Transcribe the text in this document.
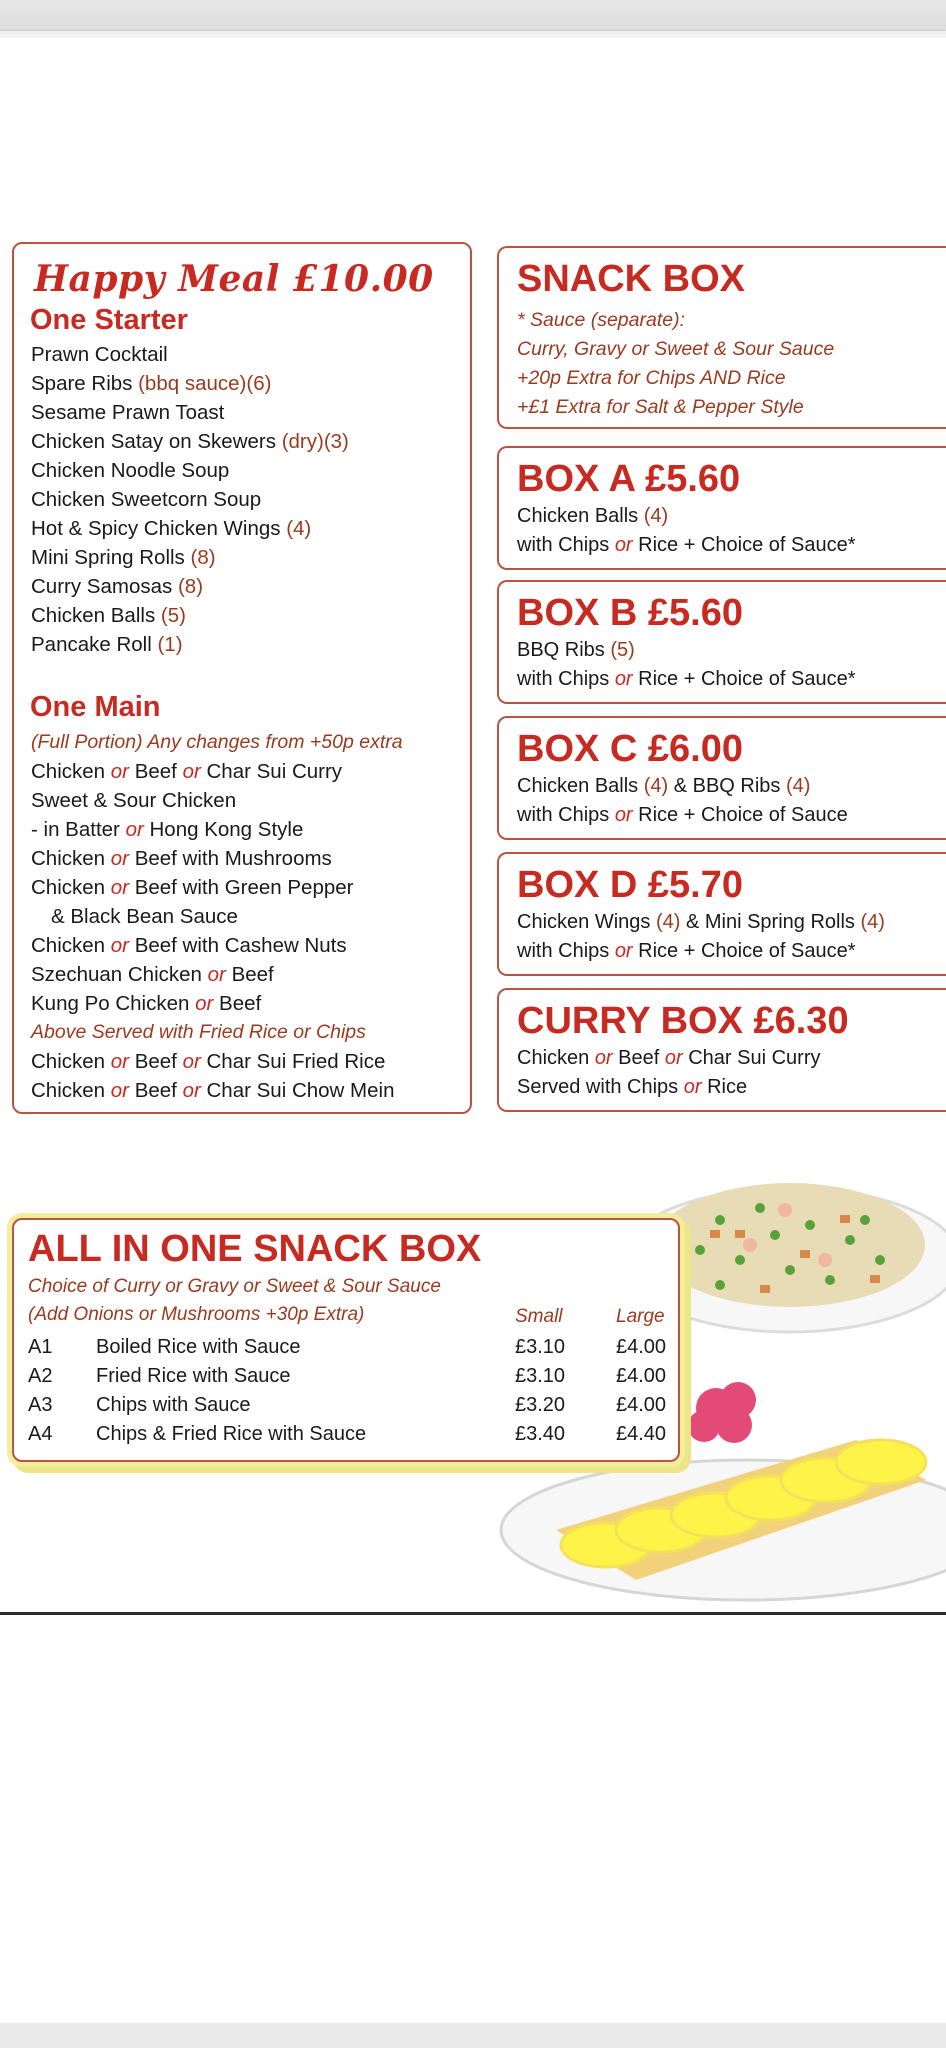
Happy Meal £10.00
One Starter
Prawn Cocktail
Spare Ribs (bbq sauce)(6)
Sesame Prawn Toast
Chicken Satay on Skewers (dry)(3)
Chicken Noodle Soup
Chicken Sweetcorn Soup
Hot & Spicy Chicken Wings (4)
Mini Spring Rolls (8)
Curry Samosas (8)
Chicken Balls (5)
Pancake Roll (1)
One Main
(Full Portion) Any changes from +50p extra
Chicken or Beef or Char Sui Curry
Sweet & Sour Chicken
- in Batter or Hong Kong Style
Chicken or Beef with Mushrooms
Chicken or Beef with Green Pepper
& Black Bean Sauce
Chicken or Beef with Cashew Nuts
Szechuan Chicken or Beef
Kung Po Chicken or Beef
Above Served with Fried Rice or Chips
Chicken or Beef or Char Sui Fried Rice
Chicken or Beef or Char Sui Chow Mein
SNACK BOX
* Sauce (separate):
Curry, Gravy or Sweet & Sour Sauce
+20p Extra for Chips AND Rice
+£1 Extra for Salt & Pepper Style
BOX A £5.60
Chicken Balls (4)
with Chips or Rice + Choice of Sauce*
BOX B £5.60
BBQ Ribs (5)
with Chips or Rice + Choice of Sauce*
BOX C £6.00
Chicken Balls (4) & BBQ Ribs (4)
with Chips or Rice + Choice of Sauce
BOX D £5.70
Chicken Wings (4) & Mini Spring Rolls (4)
with Chips or Rice + Choice of Sauce*
CURRY BOX £6.30
Chicken or Beef or Char Sui Curry
Served with Chips or Rice
ALL IN ONE SNACK BOX
Choice of Curry or Gravy or Sweet & Sour Sauce
(Add Onions or Mushrooms +30p Extra)	Small	Large
A1 Boiled Rice with Sauce	£3.10	£4.00
A2 Fried Rice with Sauce	£3.10	£4.00
A3 Chips with Sauce	£3.20	£4.00
A4 Chips & Fried Rice with Sauce	£3.40	£4.40
